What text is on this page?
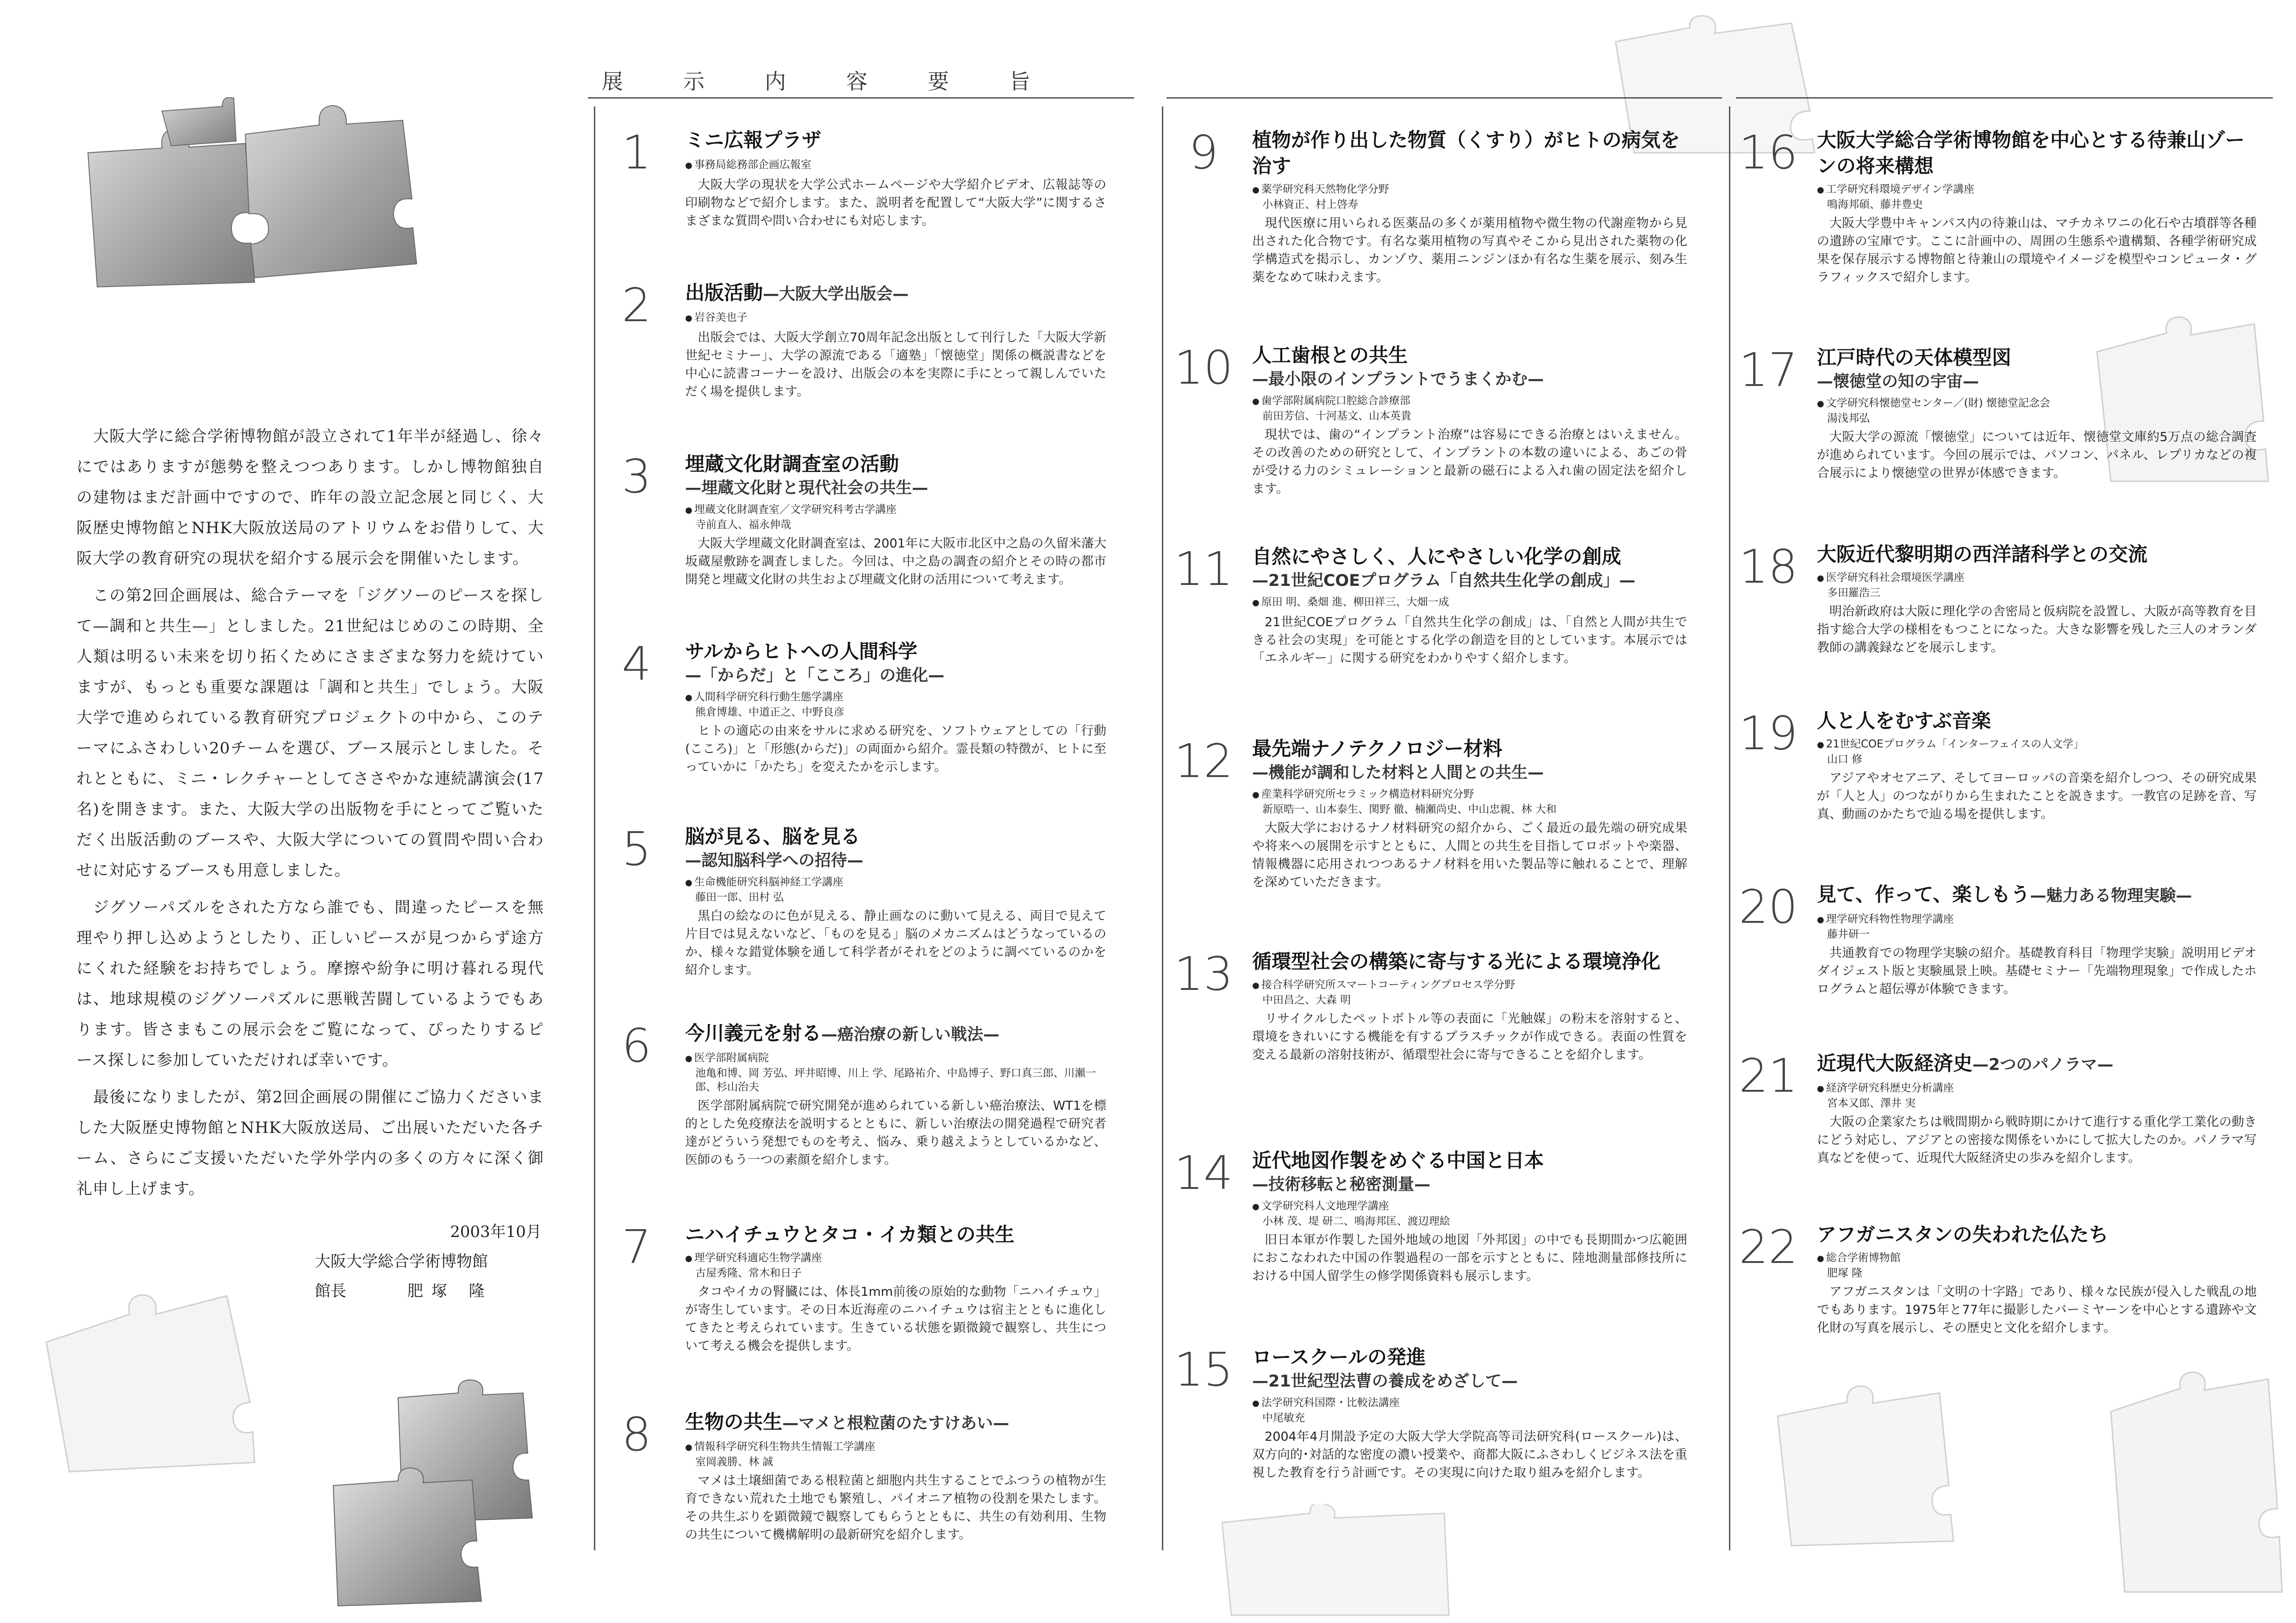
大阪大学に総合学術博物館が設立されて1年半が経過し、徐々にではありますが態勢を整えつつあります。しかし博物館独自の建物はまだ計画中ですので、昨年の設立記念展と同じく、大阪歴史博物館とNHK大阪放送局のアトリウムをお借りして、大阪大学の教育研究の現状を紹介する展示会を開催いたします。

この第2回企画展は、総合テーマを「ジグソーのピースを探して—調和と共生—」としました。21世紀はじめのこの時期、全人類は明るい未来を切り拓くためにさまざまな努力を続けていますが、もっとも重要な課題は「調和と共生」でしょう。大阪大学で進められている教育研究プロジェクトの中から、このテーマにふさわしい20チームを選び、ブース展示としました。それとともに、ミニ・レクチャーとしてささやかな連続講演会(17名)を開きます。また、大阪大学の出版物を手にとってご覧いただく出版活動のブースや、大阪大学についての質問や問い合わせに対応するブースも用意しました。

ジグソーパズルをされた方なら誰でも、間違ったピースを無理やり押し込めようとしたり、正しいピースが見つからず途方にくれた経験をお持ちでしょう。摩擦や紛争に明け暮れる現代は、地球規模のジグソーパズルに悪戦苦闘しているようでもあります。皆さまもこの展示会をご覧になって、ぴったりするピース探しに参加していただければ幸いです。

最後になりましたが、第2回企画展の開催にご協力くださいました大阪歴史博物館とNHK大阪放送局、ご出展いただいた各チーム、さらにご支援いただいた学外学内の多くの方々に深く御礼申し上げます。

2003年10月
大阪大学総合学術博物館
館長	肥塚 隆
展示内容要旨
1	ミニ広報プラザ
● 事務局総務部企画広報室
大阪大学の現状を大学公式ホームページや大学紹介ビデオ、広報誌等の印刷物などで紹介します。また、説明者を配置して“大阪大学”に関するさまざまな質問や問い合わせにも対応します。
2	出版活動—大阪大学出版会—
● 岩谷美也子
出版会では、大阪大学創立70周年記念出版として刊行した「大阪大学新世紀セミナー」、大学の源流である「適塾」「懐徳堂」関係の概説書などを中心に読書コーナーを設け、出版会の本を実際に手にとって親しんでいただく場を提供します。
3	埋蔵文化財調査室の活動
—埋蔵文化財と現代社会の共生—
● 埋蔵文化財調査室／文学研究科考古学講座
寺前直人、福永伸哉
大阪大学埋蔵文化財調査室は、2001年に大阪市北区中之島の久留米藩大坂蔵屋敷跡を調査しました。今回は、中之島の調査の紹介とその時の都市開発と埋蔵文化財の共生および埋蔵文化財の活用について考えます。
4	サルからヒトへの人間科学
—「からだ」と「こころ」の進化—
● 人間科学研究科行動生態学講座
熊倉博雄、中道正之、中野良彦
ヒトの適応の由来をサルに求める研究を、ソフトウェアとしての「行動(こころ)」と「形態(からだ)」の両面から紹介。霊長類の特徴が、ヒトに至っていかに「かたち」を変えたかを示します。
5	脳が見る、脳を見る
—認知脳科学への招待—
● 生命機能研究科脳神経工学講座
藤田一郎、田村 弘
黒白の絵なのに色が見える、静止画なのに動いて見える、両目で見えて片目では見えないなど、「ものを見る」脳のメカニズムはどうなっているのか、様々な錯覚体験を通して科学者がそれをどのように調べているのかを紹介します。
6	今川義元を射る—癌治療の新しい戦法—
● 医学部附属病院
池亀和博、岡 芳弘、坪井昭博、川上 学、尾路祐介、中島博子、野口真三郎、川瀬一郎、杉山治夫
医学部附属病院で研究開発が進められている新しい癌治療法、WT1を標的とした免疫療法を説明するとともに、新しい治療法の開発過程で研究者達がどういう発想でものを考え、悩み、乗り越えようとしているかなど、医師のもう一つの素顔を紹介します。
7	ニハイチュウとタコ・イカ類との共生
● 理学研究科適応生物学講座
古屋秀隆、常木和日子
タコやイカの腎臓には、体長1mm前後の原始的な動物「ニハイチュウ」が寄生しています。その日本近海産のニハイチュウは宿主とともに進化してきたと考えられています。生きている状態を顕微鏡で観察し、共生について考える機会を提供します。
8	生物の共生—マメと根粒菌のたすけあい—
● 情報科学研究科生物共生情報工学講座
室岡義勝、林 誠
マメは土壌細菌である根粒菌と細胞内共生することでふつうの植物が生育できない荒れた土地でも繁殖し、パイオニア植物の役割を果たします。その共生ぶりを顕微鏡で観察してもらうとともに、共生の有効利用、生物の共生について機構解明の最新研究を紹介します。
9	植物が作り出した物質（くすり）がヒトの病気を治す
● 薬学研究科天然物化学分野
小林資正、村上啓寿
現代医療に用いられる医薬品の多くが薬用植物や微生物の代謝産物から見出された化合物です。有名な薬用植物の写真やそこから見出された薬物の化学構造式を掲示し、カンゾウ、薬用ニンジンほか有名な生薬を展示、刻み生薬をなめて味わえます。
10 人工歯根との共生
—最小限のインプラントでうまくかむ—
● 歯学部附属病院口腔総合診療部
前田芳信、十河基文、山本英貴
現状では、歯の“インプラント治療”は容易にできる治療とはいえません。その改善のための研究として、インプラントの本数の違いによる、あごの骨が受ける力のシミュレーションと最新の磁石による入れ歯の固定法を紹介します。
11 自然にやさしく、人にやさしい化学の創成
—21世紀COEプログラム「自然共生化学の創成」—
● 原田 明、桑畑 進、柳田祥三、大畑一成
21世紀COEプログラム「自然共生化学の創成」は、「自然と人間が共生できる社会の実現」を可能とする化学の創造を目的としています。本展示では「エネルギー」に関する研究をわかりやすく紹介します。
12 最先端ナノテクノロジー材料
—機能が調和した材料と人間との共生—
● 産業科学研究所セラミック構造材料研究分野
新原晧一、山本泰生、関野 徹、楠瀬尚史、中山忠親、林 大和
大阪大学におけるナノ材料研究の紹介から、ごく最近の最先端の研究成果や将来への展開を示すとともに、人間との共生を目指してロボットや楽器、情報機器に応用されつつあるナノ材料を用いた製品等に触れることで、理解を深めていただきます。
13 循環型社会の構築に寄与する光による環境浄化
● 接合科学研究所スマートコーティングプロセス学分野
中田昌之、大森 明
リサイクルしたペットボトル等の表面に「光触媒」の粉末を溶射すると、環境をきれいにする機能を有するプラスチックが作成できる。表面の性質を変える最新の溶射技術が、循環型社会に寄与できることを紹介します。
14 近代地図作製をめぐる中国と日本
—技術移転と秘密測量—
● 文学研究科人文地理学講座
小林 茂、堤 研二、鳴海邦匡、渡辺理絵
旧日本軍が作製した国外地域の地図「外邦図」の中でも長期間かつ広範囲におこなわれた中国の作製過程の一部を示すとともに、陸地測量部修技所における中国人留学生の修学関係資料も展示します。
15 ロースクールの発進
—21世紀型法曹の養成をめざして—
● 法学研究科国際・比較法講座
中尾敏充
2004年4月開設予定の大阪大学大学院高等司法研究科(ロースクール)は、双方向的･対話的な密度の濃い授業や、商都大阪にふさわしくビジネス法を重視した教育を行う計画です。その実現に向けた取り組みを紹介します。
16 大阪大学総合学術博物館を中心とする待兼山ゾーンの将来構想
● 工学研究科環境デザイン学講座
鳴海邦碩、藤井豊史
大阪大学豊中キャンパス内の待兼山は、マチカネワニの化石や古墳群等各種の遺跡の宝庫です。ここに計画中の、周囲の生態系や遺構類、各種学術研究成果を保存展示する博物館と待兼山の環境やイメージを模型やコンピュータ・グラフィックスで紹介します。
17 江戸時代の天体模型図
—懐徳堂の知の宇宙—
● 文学研究科懐徳堂センター／(財) 懐徳堂記念会
湯浅邦弘
大阪大学の源流「懐徳堂」については近年、懐徳堂文庫約5万点の総合調査が進められています。今回の展示では、パソコン、パネル、レプリカなどの複合展示により懐徳堂の世界が体感できます。
18 大阪近代黎明期の西洋諸科学との交流
● 医学研究科社会環境医学講座
多田羅浩三
明治新政府は大阪に理化学の舎密局と仮病院を設置し、大阪が高等教育を目指す総合大学の様相をもつことになった。大きな影響を残した三人のオランダ教師の講義録などを展示します。
19 人と人をむすぶ音楽
● 21世紀COEプログラム「インターフェイスの人文学」
山口 修
アジアやオセアニア、そしてヨーロッパの音楽を紹介しつつ、その研究成果が「人と人」のつながりから生まれたことを説きます。一教官の足跡を音、写真、動画のかたちで辿る場を提供します。
20 見て、作って、楽しもう—魅力ある物理実験—
● 理学研究科物性物理学講座
藤井研一
共通教育での物理学実験の紹介。基礎教育科目「物理学実験」説明用ビデオダイジェスト版と実験風景上映。基礎セミナー「先端物理現象」で作成したホログラムと超伝導が体験できます。
21 近現代大阪経済史—2つのパノラマ—
● 経済学研究科歴史分析講座
宮本又郎、澤井 実
大阪の企業家たちは戦間期から戦時期にかけて進行する重化学工業化の動きにどう対応し、アジアとの密接な関係をいかにして拡大したのか。パノラマ写真などを使って、近現代大阪経済史の歩みを紹介します。
22 アフガニスタンの失われた仏たち
● 総合学術博物館
肥塚 隆
アフガニスタンは「文明の十字路」であり、様々な民族が侵入した戦乱の地でもあります。1975年と77年に撮影したバーミヤーンを中心とする遺跡や文化財の写真を展示し、その歴史と文化を紹介します。
